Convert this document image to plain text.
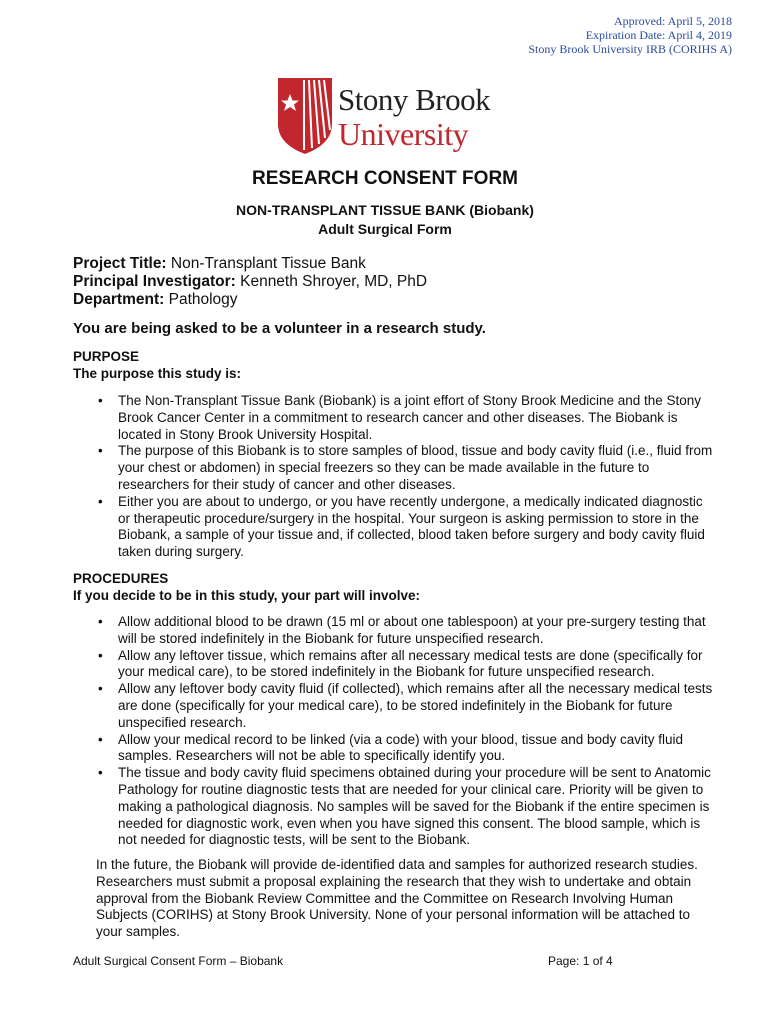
Approved: April 5, 2018
Expiration Date: April 4, 2019
Stony Brook University IRB (CORIHS A)
Stony Brook
University
RESEARCH CONSENT FORM
NON-TRANSPLANT TISSUE BANK (Biobank)
Adult Surgical Form
Project Title: Non-Transplant Tissue Bank
Principal Investigator: Kenneth Shroyer, MD, PhD
Department: Pathology
You are being asked to be a volunteer in a research study.
PURPOSE
The purpose this study is:
• The Non-Transplant Tissue Bank (Biobank) is a joint effort of Stony Brook Medicine and the Stony Brook Cancer Center in a commitment to research cancer and other diseases. The Biobank is located in Stony Brook University Hospital.
• The purpose of this Biobank is to store samples of blood, tissue and body cavity fluid (i.e., fluid from your chest or abdomen) in special freezers so they can be made available in the future to researchers for their study of cancer and other diseases.
• Either you are about to undergo, or you have recently undergone, a medically indicated diagnostic or therapeutic procedure/surgery in the hospital. Your surgeon is asking permission to store in the Biobank, a sample of your tissue and, if collected, blood taken before surgery and body cavity fluid taken during surgery.
PROCEDURES
If you decide to be in this study, your part will involve:
• Allow additional blood to be drawn (15 ml or about one tablespoon) at your pre-surgery testing that will be stored indefinitely in the Biobank for future unspecified research.
• Allow any leftover tissue, which remains after all necessary medical tests are done (specifically for your medical care), to be stored indefinitely in the Biobank for future unspecified research.
• Allow any leftover body cavity fluid (if collected), which remains after all the necessary medical tests are done (specifically for your medical care), to be stored indefinitely in the Biobank for future unspecified research.
• Allow your medical record to be linked (via a code) with your blood, tissue and body cavity fluid samples. Researchers will not be able to specifically identify you.
• The tissue and body cavity fluid specimens obtained during your procedure will be sent to Anatomic Pathology for routine diagnostic tests that are needed for your clinical care. Priority will be given to making a pathological diagnosis. No samples will be saved for the Biobank if the entire specimen is needed for diagnostic work, even when you have signed this consent. The blood sample, which is not needed for diagnostic tests, will be sent to the Biobank.
In the future, the Biobank will provide de-identified data and samples for authorized research studies. Researchers must submit a proposal explaining the research that they wish to undertake and obtain approval from the Biobank Review Committee and the Committee on Research Involving Human Subjects (CORIHS) at Stony Brook University. None of your personal information will be attached to your samples.
Adult Surgical Consent Form – Biobank	Page: 1 of 4
